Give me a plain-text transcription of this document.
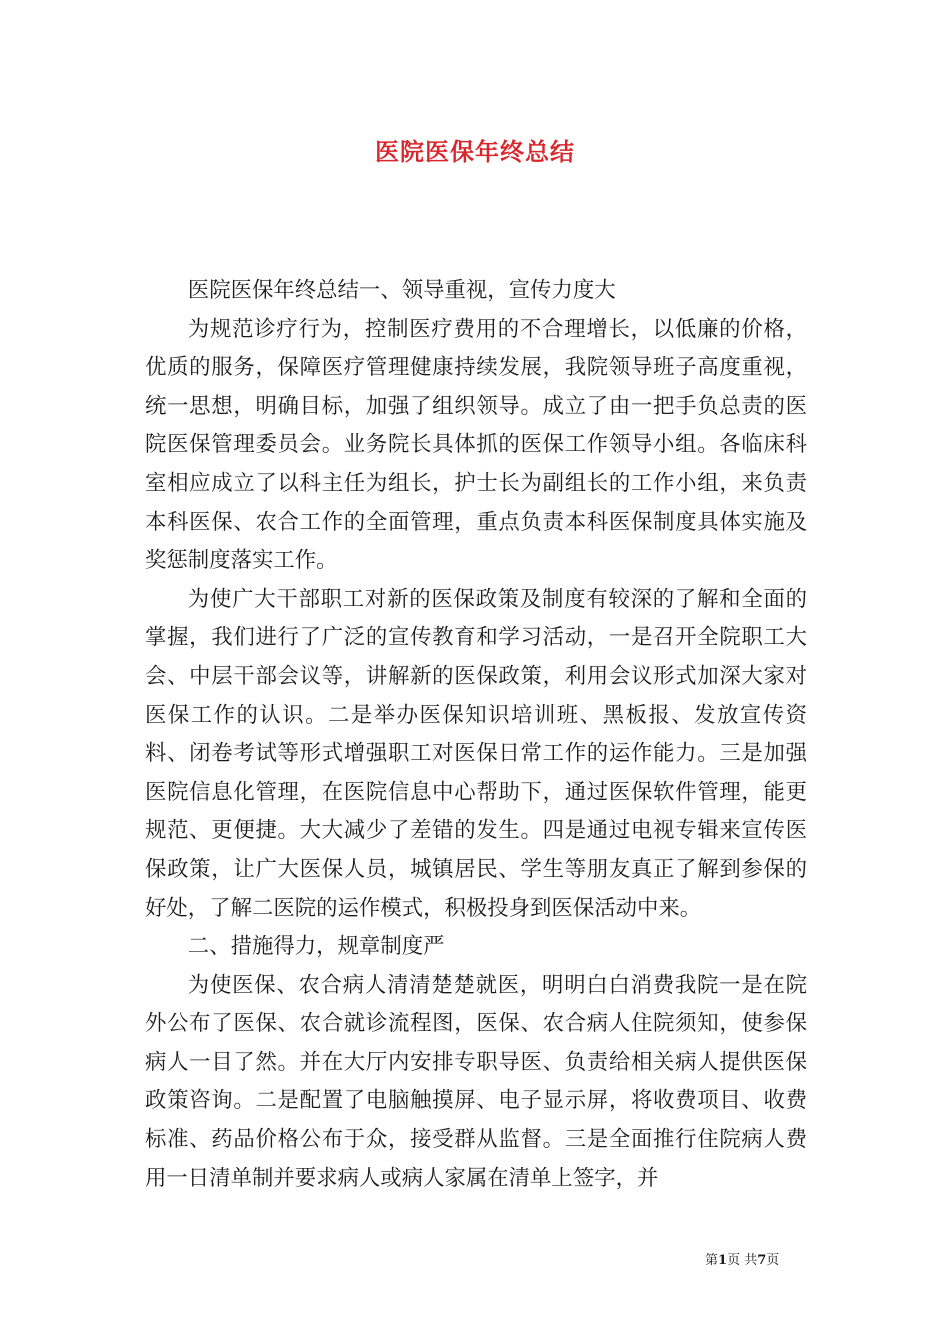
医院医保年终总结

医院医保年终总结一、领导重视，宣传力度大

为规范诊疗行为，控制医疗费用的不合理增长，以低廉的价格，优质的服务，保障医疗管理健康持续发展，我院领导班子高度重视，统一思想，明确目标，加强了组织领导。成立了由一把手负总责的医院医保管理委员会。业务院长具体抓的医保工作领导小组。各临床科室相应成立了以科主任为组长，护士长为副组长的工作小组，来负责本科医保、农合工作的全面管理，重点负责本科医保制度具体实施及奖惩制度落实工作。

为使广大干部职工对新的医保政策及制度有较深的了解和全面的掌握，我们进行了广泛的宣传教育和学习活动，一是召开全院职工大会、中层干部会议等，讲解新的医保政策，利用会议形式加深大家对医保工作的认识。二是举办医保知识培训班、黑板报、发放宣传资料、闭卷考试等形式增强职工对医保日常工作的运作能力。三是加强医院信息化管理，在医院信息中心帮助下，通过医保软件管理，能更规范、更便捷。大大减少了差错的发生。四是通过电视专辑来宣传医保政策，让广大医保人员，城镇居民、学生等朋友真正了解到参保的好处，了解二医院的运作模式，积极投身到医保活动中来。

二、措施得力，规章制度严

为使医保、农合病人清清楚楚就医，明明白白消费我院一是在院外公布了医保、农合就诊流程图，医保、农合病人住院须知，使参保病人一目了然。并在大厅内安排专职导医、负责给相关病人提供医保政策咨询。二是配置了电脑触摸屏、电子显示屏，将收费项目、收费标准、药品价格公布于众，接受群从监督。三是全面推行住院病人费用一日清单制并要求病人或病人家属在清单上签字，并

第1页 共7页
